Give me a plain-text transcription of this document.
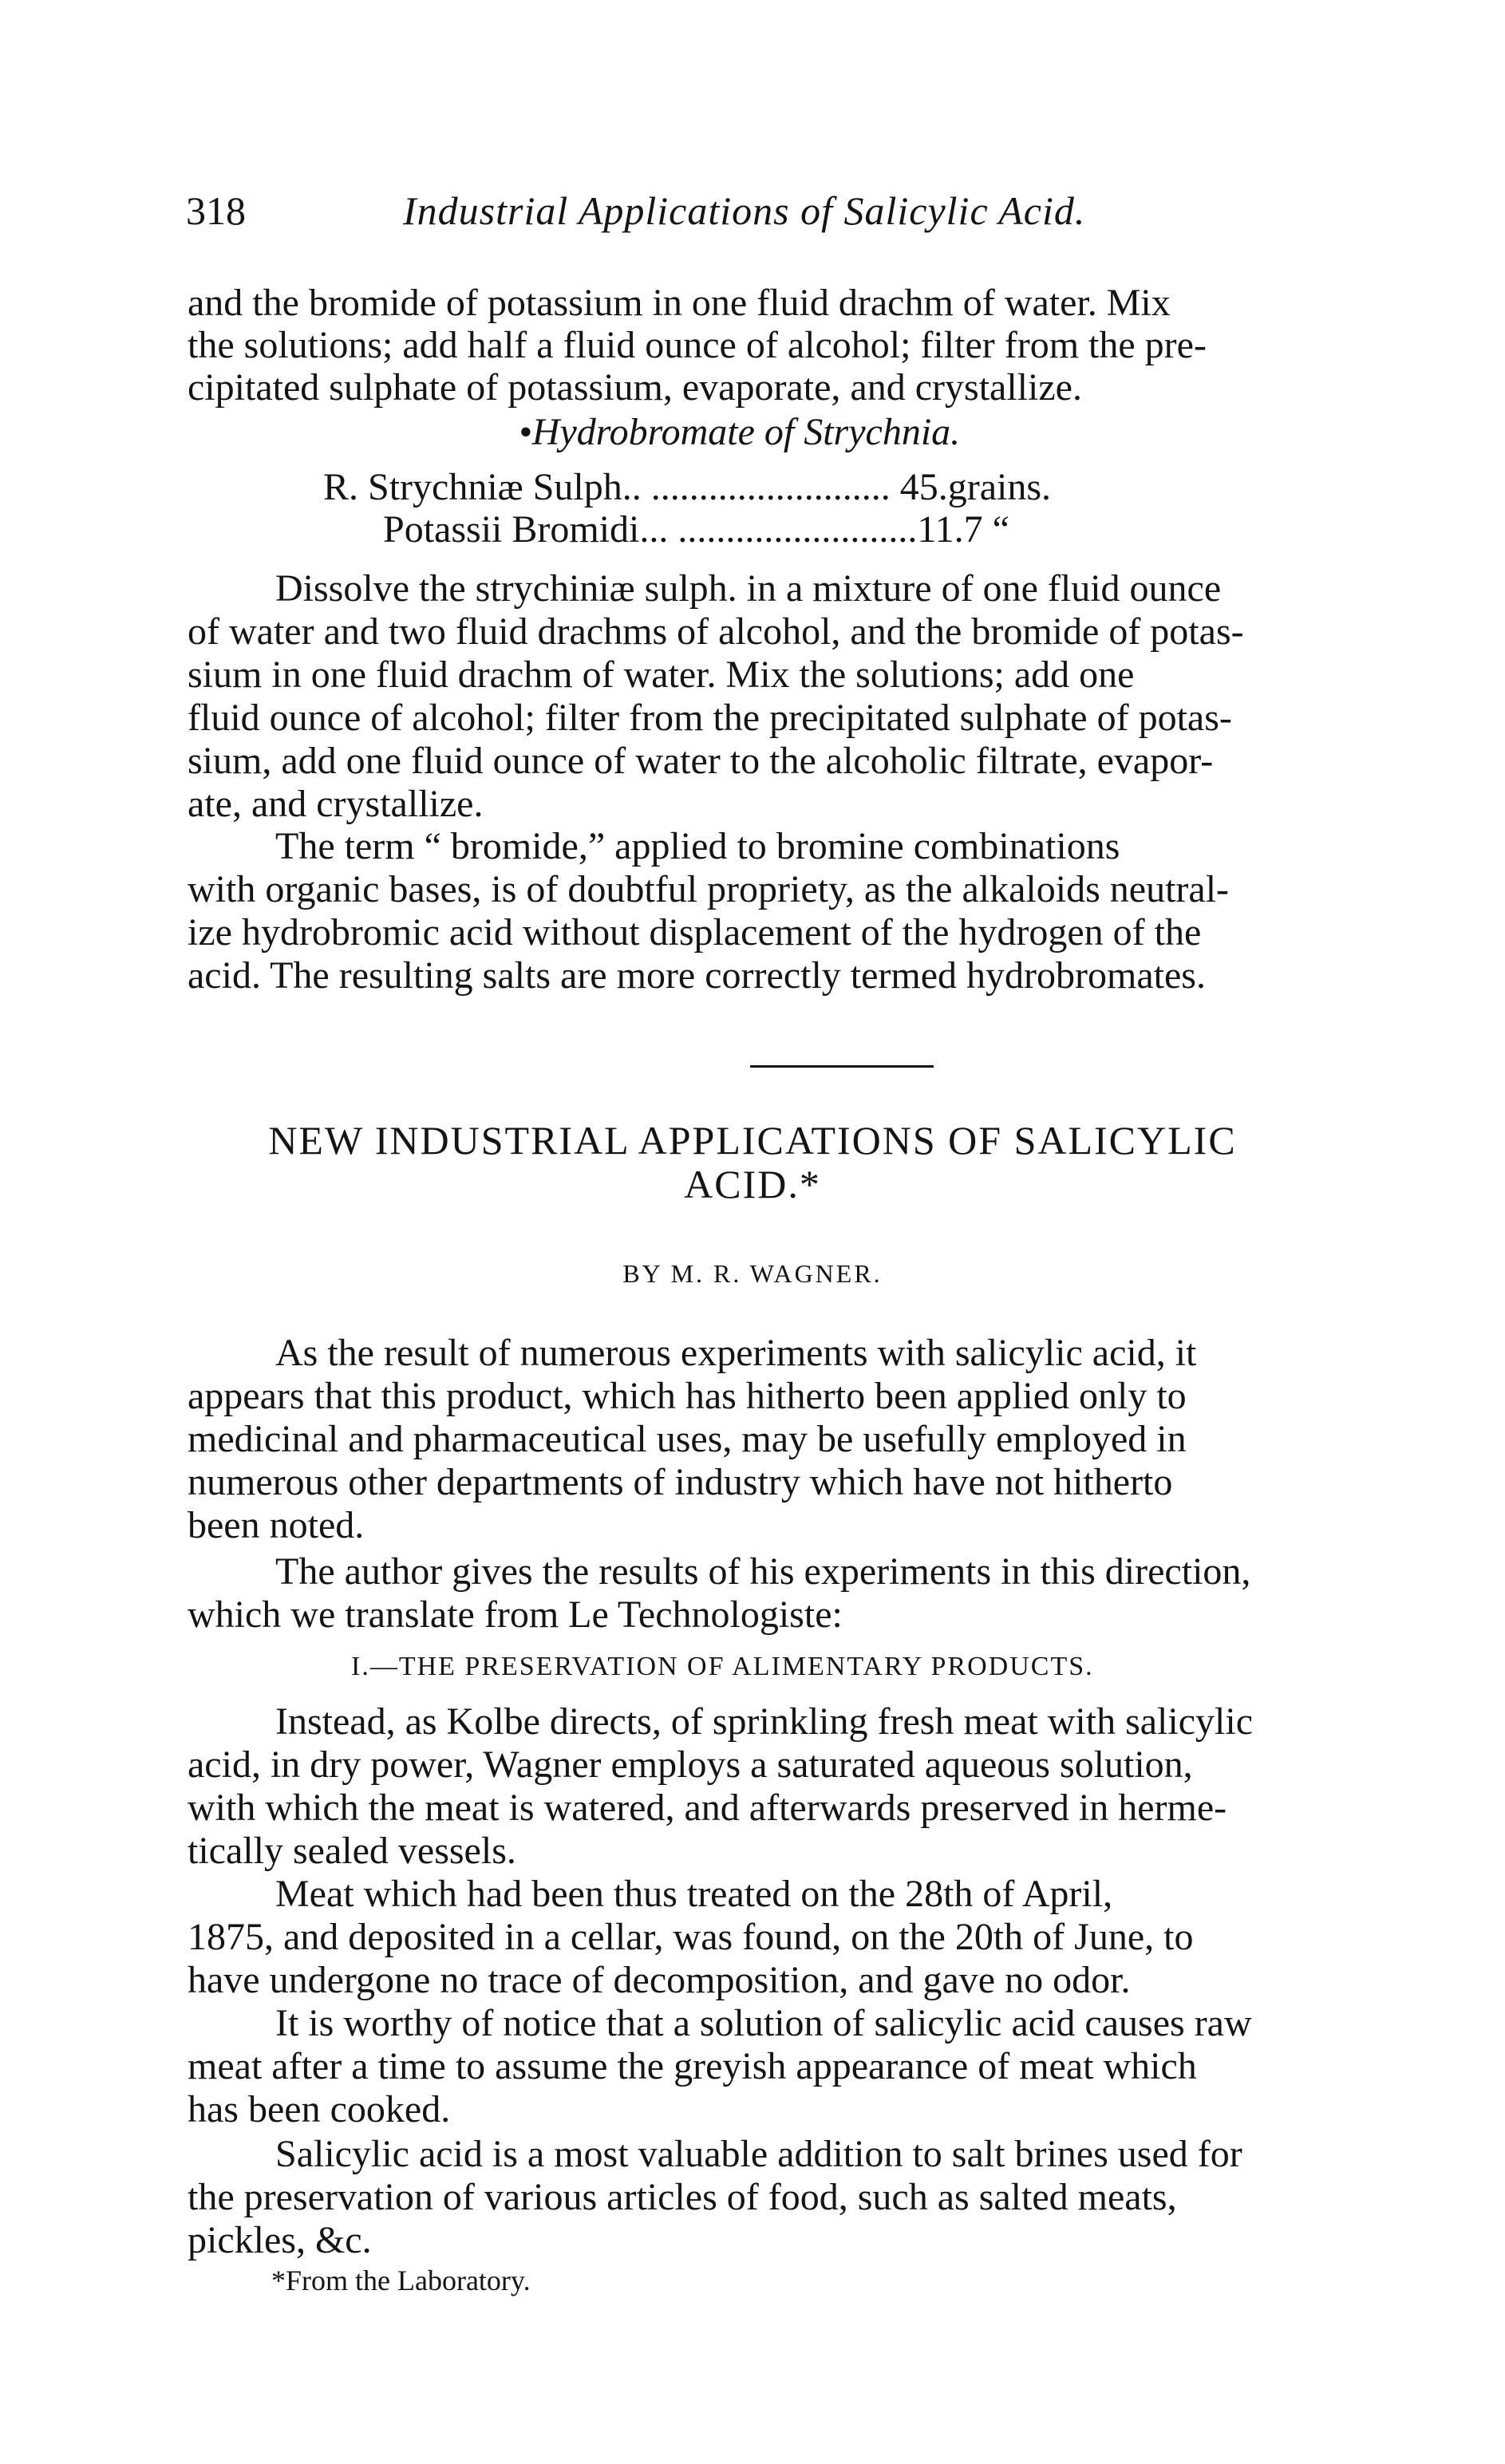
318	Industrial Applications of Salicylic Acid.
and the bromide of potassium in one fluid drachm of water. Mix
the solutions; add half a fluid ounce of alcohol; filter from the pre-
cipitated sulphate of potassium, evaporate, and crystallize.
•Hydrobromate of Strychnia.
R. Strychniæ Sulph.. ......................... 45.grains.
Potassii Bromidi... .........................11.7 “
Dissolve the strychiniæ sulph. in a mixture of one fluid ounce
of water and two fluid drachms of alcohol, and the bromide of potas-
sium in one fluid drachm of water. Mix the solutions; add one
fluid ounce of alcohol; filter from the precipitated sulphate of potas-
sium, add one fluid ounce of water to the alcoholic filtrate, evapor-
ate, and crystallize.
The term “ bromide,” applied to bromine combinations
with organic bases, is of doubtful propriety, as the alkaloids neutral-
ize hydrobromic acid without displacement of the hydrogen of the
acid. The resulting salts are more correctly termed hydrobromates.
NEW INDUSTRIAL APPLICATIONS OF SALICYLIC
ACID.*
BY M. R. WAGNER.
As the result of numerous experiments with salicylic acid, it
appears that this product, which has hitherto been applied only to
medicinal and pharmaceutical uses, may be usefully employed in
numerous other departments of industry which have not hitherto
been noted.
The author gives the results of his experiments in this direction,
which we translate from Le Technologiste:
I.—THE PRESERVATION OF ALIMENTARY PRODUCTS.
Instead, as Kolbe directs, of sprinkling fresh meat with salicylic
acid, in dry power, Wagner employs a saturated aqueous solution,
with which the meat is watered, and afterwards preserved in herme-
tically sealed vessels.
Meat which had been thus treated on the 28th of April,
1875, and deposited in a cellar, was found, on the 20th of June, to
have undergone no trace of decomposition, and gave no odor.
It is worthy of notice that a solution of salicylic acid causes raw
meat after a time to assume the greyish appearance of meat which
has been cooked.
Salicylic acid is a most valuable addition to salt brines used for
the preservation of various articles of food, such as salted meats,
pickles, &c.
*From the Laboratory.
